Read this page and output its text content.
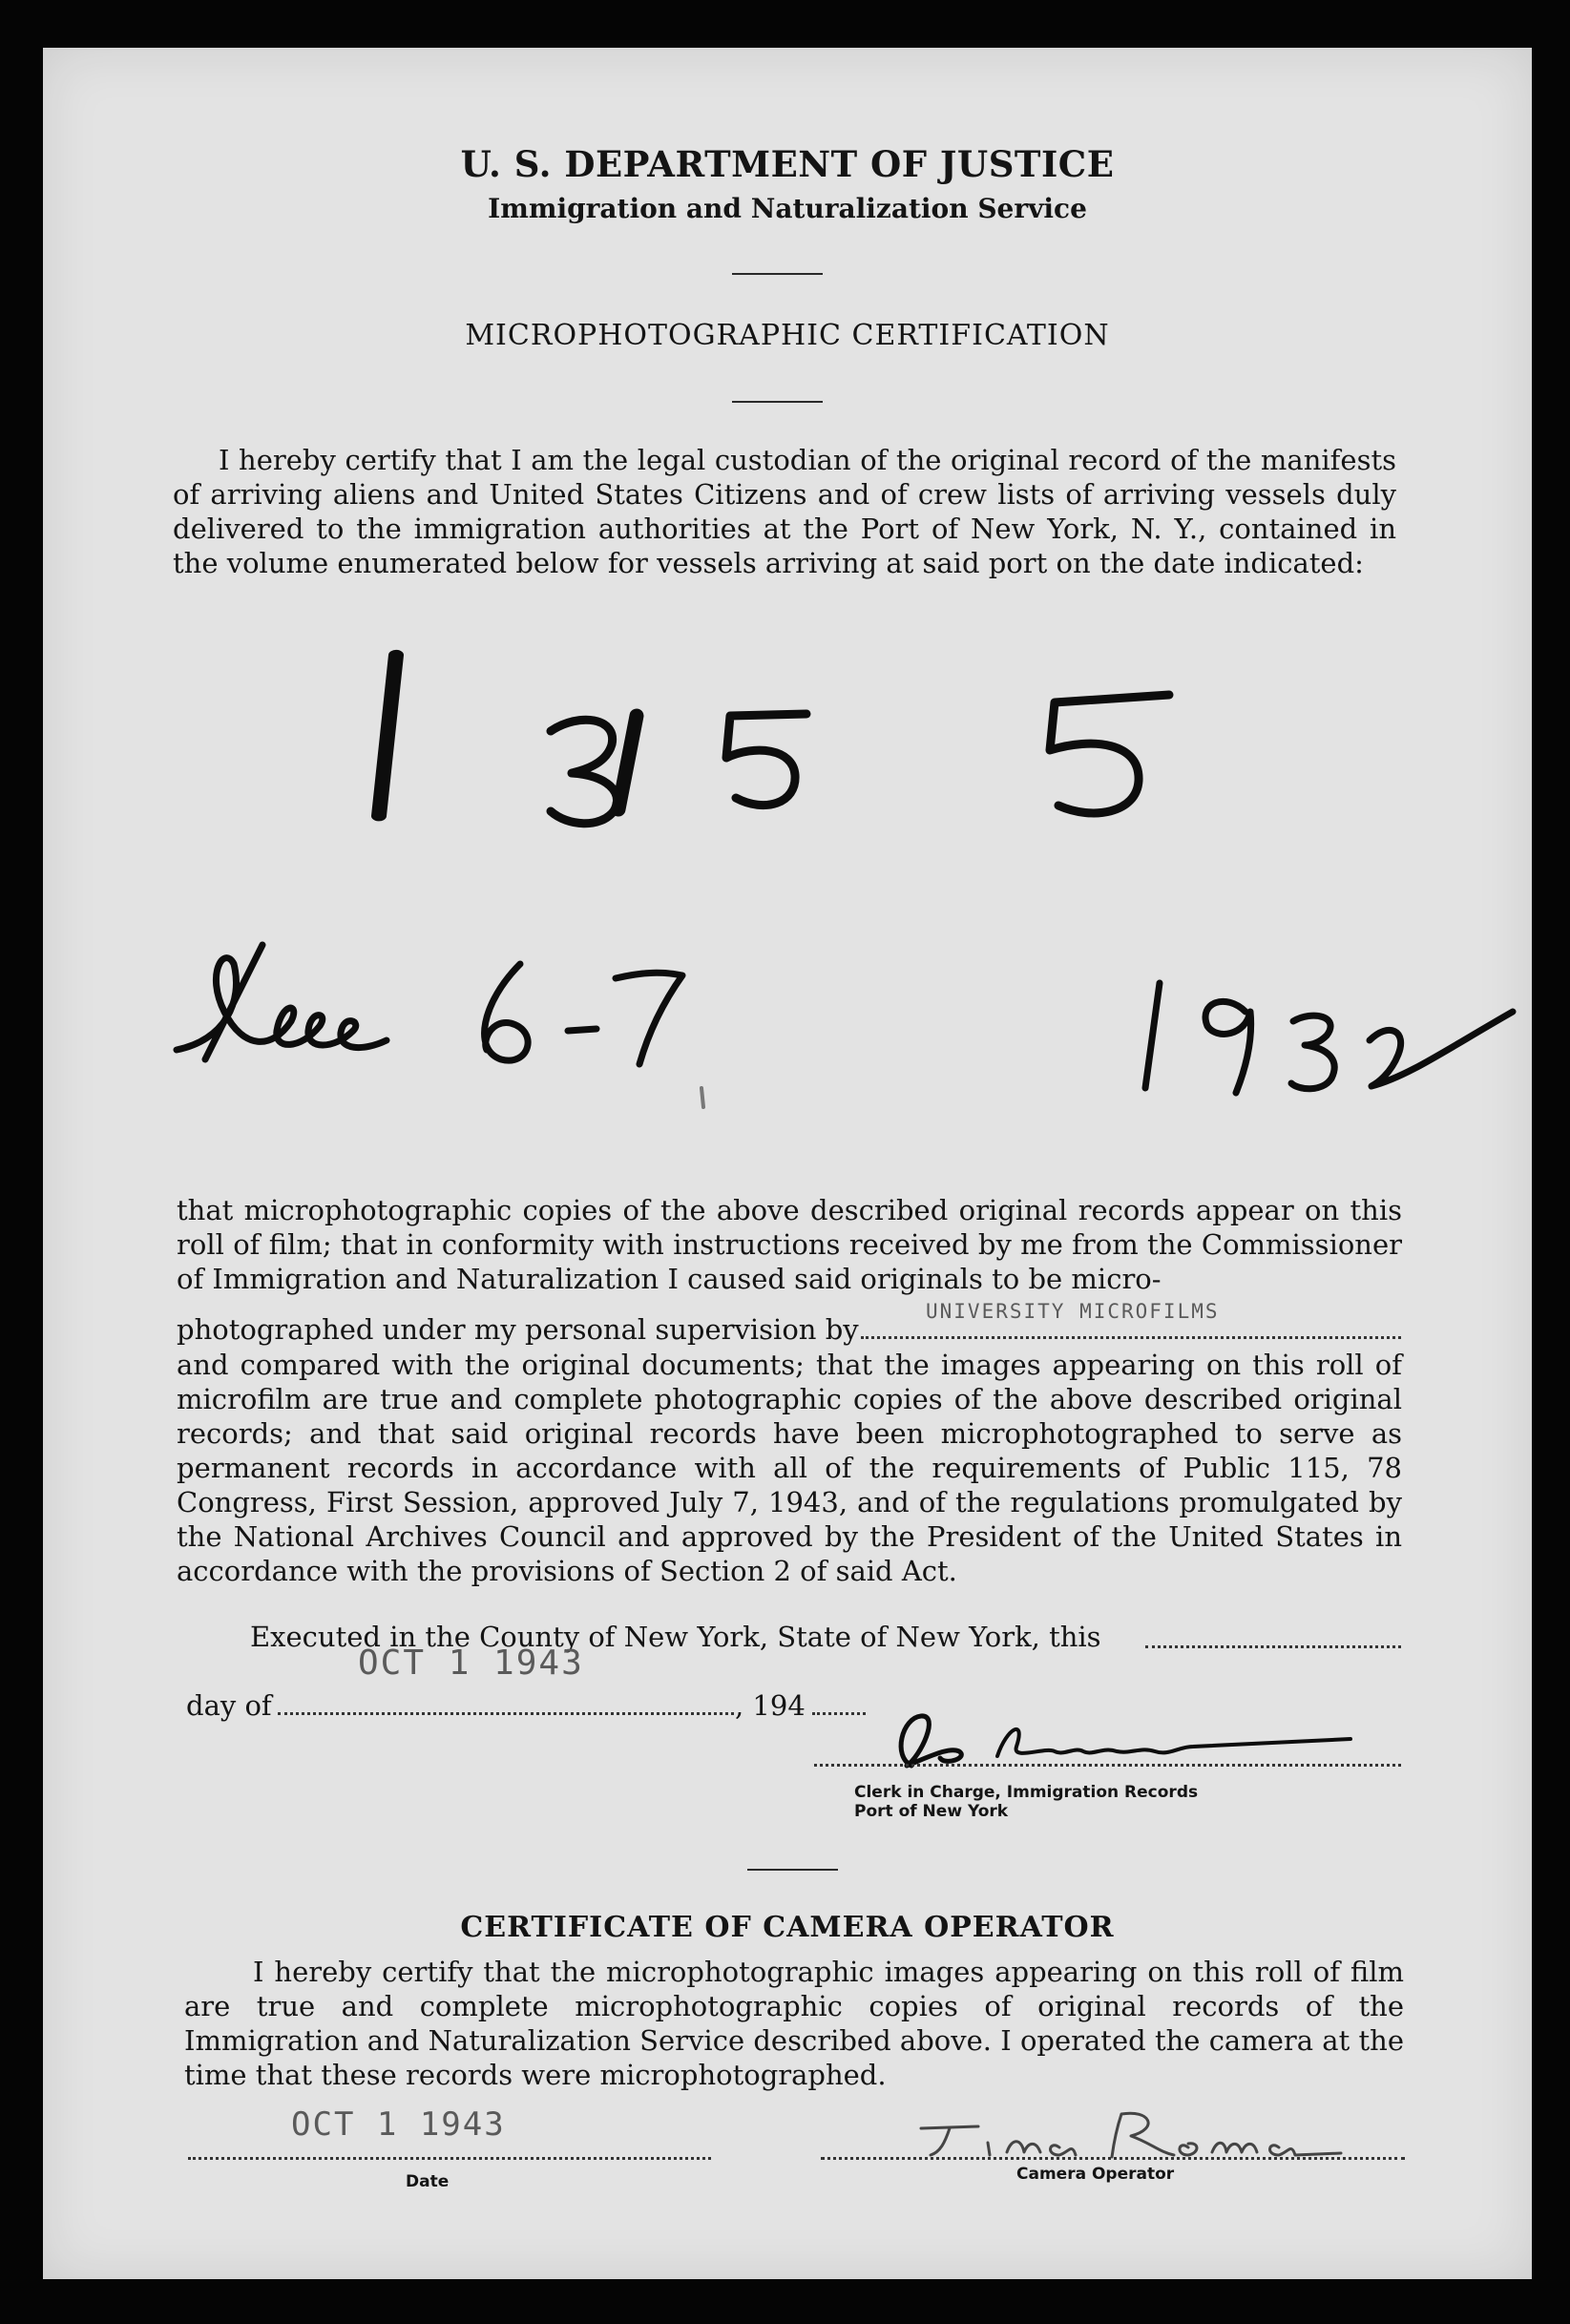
U. S. DEPARTMENT OF JUSTICE
Immigration and Naturalization Service
MICROPHOTOGRAPHIC CERTIFICATION

I hereby certify that I am the legal custodian of the original record of the manifests of arriving aliens and United States Citizens and of crew lists of arriving vessels duly delivered to the immigration authorities at the Port of New York, N. Y., contained in the volume enumerated below for vessels arriving at said port on the date indicated:

that microphotographic copies of the above described original records appear on this roll of film; that in conformity with instructions received by me from the Commissioner of Immigration and Naturalization I caused said originals to be micro-

photographed under my personal supervision by
UNIVERSITY MICROFILMS

and compared with the original documents; that the images appearing on this roll of microfilm are true and complete photographic copies of the above described original records; and that said original records have been microphotographed to serve as permanent records in accordance with all of the requirements of Public 115, 78 Congress, First Session, approved July 7, 1943, and of the regulations promulgated by the National Archives Council and approved by the President of the United States in accordance with the provisions of Section 2 of said Act.

Executed in the County of New York, State of New York, this
OCT 1 1943
day of	, 194
Clerk in Charge, Immigration Records
Port of New York
CERTIFICATE OF CAMERA OPERATOR

I hereby certify that the microphotographic images appearing on this roll of film are true and complete microphotographic copies of original records of the Immigration and Naturalization Service described above. I operated the camera at the time that these records were microphotographed.

OCT 1 1943
Date	Camera Operator
